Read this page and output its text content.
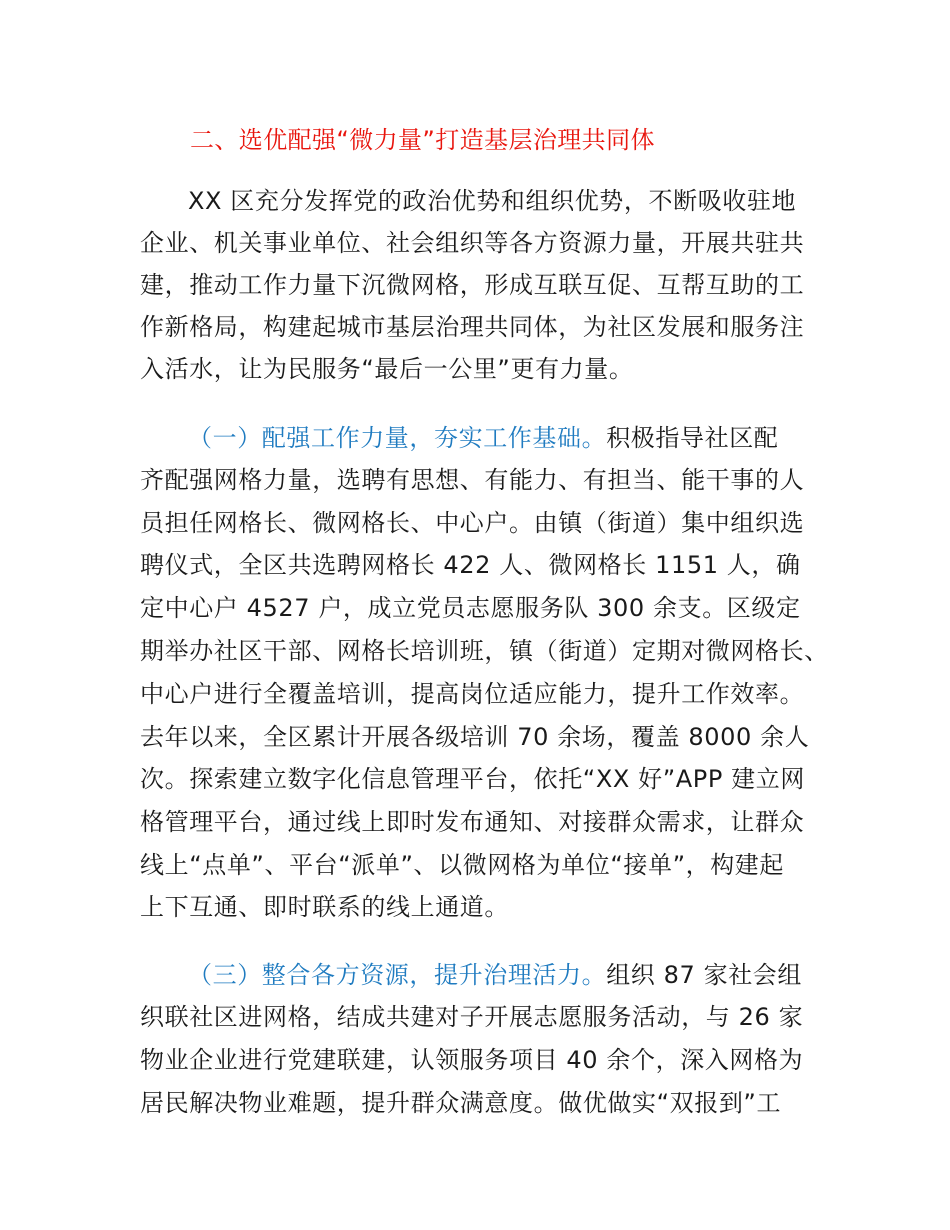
二、选优配强“微力量”打造基层治理共同体
XX 区充分发挥党的政治优势和组织优势，不断吸收驻地
企业、机关事业单位、社会组织等各方资源力量，开展共驻共
建，推动工作力量下沉微网格，形成互联互促、互帮互助的工
作新格局，构建起城市基层治理共同体，为社区发展和服务注
入活水，让为民服务“最后一公里”更有力量。
（一）配强工作力量，夯实工作基础。积极指导社区配
齐配强网格力量，选聘有思想、有能力、有担当、能干事的人
员担任网格长、微网格长、中心户。由镇（街道）集中组织选
聘仪式，全区共选聘网格长 422 人、微网格长 1151 人，确
定中心户 4527 户，成立党员志愿服务队 300 余支。区级定
期举办社区干部、网格长培训班，镇（街道）定期对微网格长、
中心户进行全覆盖培训，提高岗位适应能力，提升工作效率。
去年以来，全区累计开展各级培训 70 余场，覆盖 8000 余人
次。探索建立数字化信息管理平台，依托“XX 好”APP 建立网
格管理平台，通过线上即时发布通知、对接群众需求，让群众
线上“点单”、平台“派单”、以微网格为单位“接单”，构建起
上下互通、即时联系的线上通道。
（三）整合各方资源，提升治理活力。组织 87 家社会组
织联社区进网格，结成共建对子开展志愿服务活动，与 26 家
物业企业进行党建联建，认领服务项目 40 余个，深入网格为
居民解决物业难题，提升群众满意度。做优做实“双报到”工
